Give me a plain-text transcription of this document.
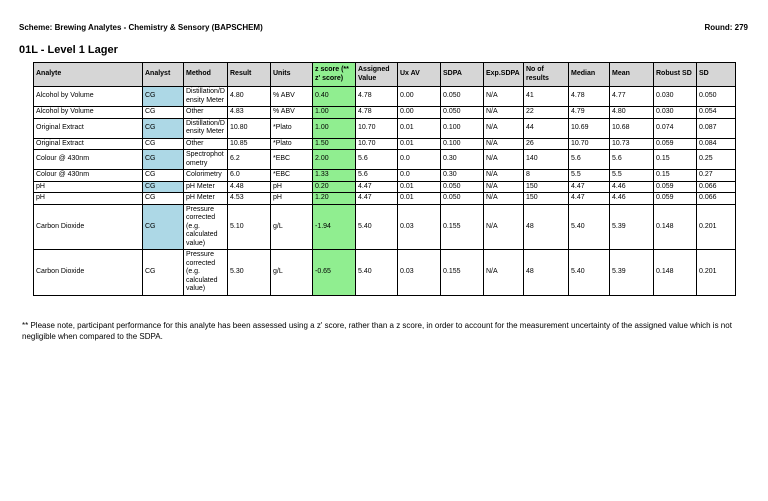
Scheme: Brewing Analytes - Chemistry & Sensory (BAPSCHEM)	Round: 279
01L - Level 1 Lager
Analyte	Analyst	Method	Result	Units	z score (** z' score)	Assigned Value	Ux AV	SDPA	Exp.SDPA	No of results	Median	Mean	Robust SD	SD
Alcohol by Volume	CG	Distillation/Density Meter	4.80	% ABV	0.40	4.78	0.00	0.050	N/A	41	4.78	4.77	0.030	0.050
Alcohol by Volume	CG	Other	4.83	% ABV	1.00	4.78	0.00	0.050	N/A	22	4.79	4.80	0.030	0.054
Original Extract	CG	Distillation/Density Meter	10.80	*Plato	1.00	10.70	0.01	0.100	N/A	44	10.69	10.68	0.074	0.087
Original Extract	CG	Other	10.85	*Plato	1.50	10.70	0.01	0.100	N/A	26	10.70	10.73	0.059	0.084
Colour @ 430nm	CG	Spectrophotometry	6.2	*EBC	2.00	5.6	0.0	0.30	N/A	140	5.6	5.6	0.15	0.25
Colour @ 430nm	CG	Colorimetry	6.0	*EBC	1.33	5.6	0.0	0.30	N/A	8	5.5	5.5	0.15	0.27
pH	CG	pH Meter	4.48	pH	0.20	4.47	0.01	0.050	N/A	150	4.47	4.46	0.059	0.066
pH	CG	pH Meter	4.53	pH	1.20	4.47	0.01	0.050	N/A	150	4.47	4.46	0.059	0.066
Carbon Dioxide	CG	Pressure corrected (e.g. calculated value)	5.10	g/L	-1.94	5.40	0.03	0.155	N/A	48	5.40	5.39	0.148	0.201
Carbon Dioxide	CG	Pressure corrected (e.g. calculated value)	5.30	g/L	-0.65	5.40	0.03	0.155	N/A	48	5.40	5.39	0.148	0.201
** Please note, participant performance for this analyte has been assessed using a z' score, rather than a z score, in order to account for the measurement uncertainty of the assigned value which is not negligible when compared to the SDPA.
